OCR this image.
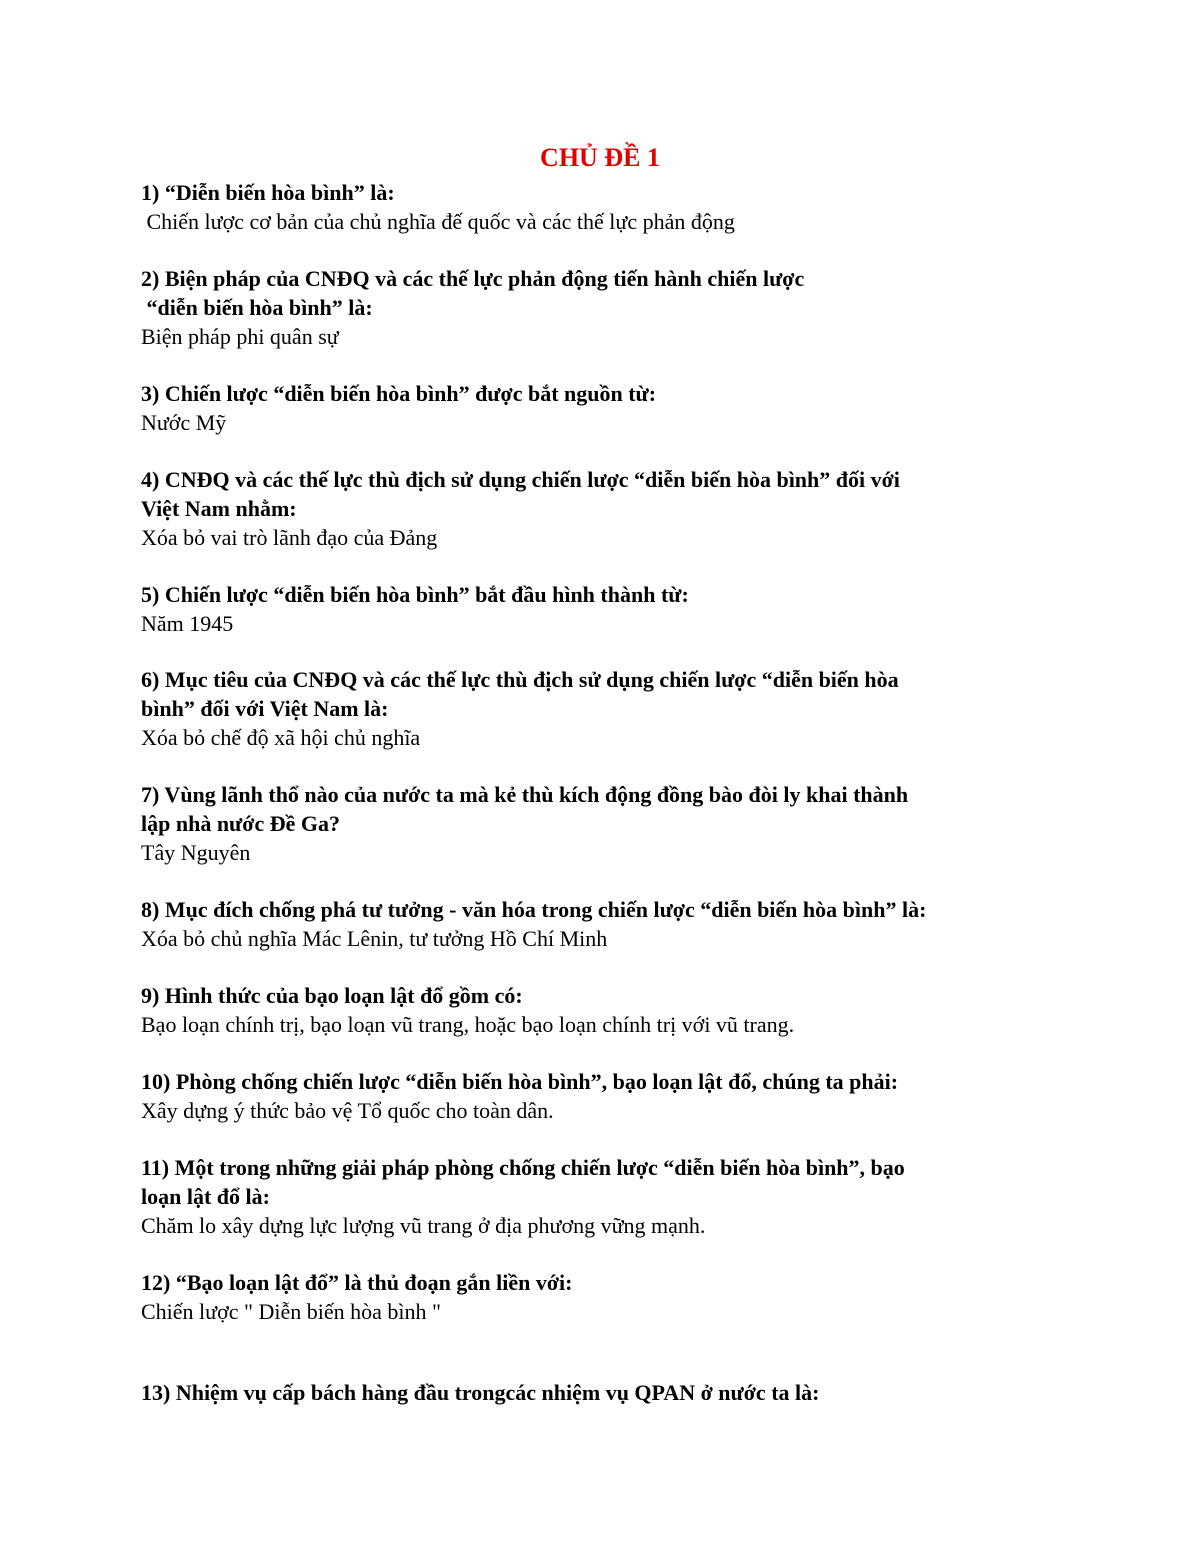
CHỦ ĐỀ 1
1) “Diễn biến hòa bình” là:
Chiến lược cơ bản của chủ nghĩa đế quốc và các thế lực phản động
2) Biện pháp của CNĐQ và các thế lực phản động tiến hành chiến lược
“diễn biến hòa bình” là:
Biện pháp phi quân sự
3) Chiến lược “diễn biến hòa bình” được bắt nguồn từ:
Nước Mỹ
4) CNĐQ và các thế lực thù địch sử dụng chiến lược “diễn biến hòa bình” đối với
Việt Nam nhằm:
Xóa bỏ vai trò lãnh đạo của Đảng
5) Chiến lược “diễn biến hòa bình” bắt đầu hình thành từ:
Năm 1945
6) Mục tiêu của CNĐQ và các thế lực thù địch sử dụng chiến lược “diễn biến hòa
bình” đối với Việt Nam là:
Xóa bỏ chế độ xã hội chủ nghĩa
7) Vùng lãnh thổ nào của nước ta mà kẻ thù kích động đồng bào đòi ly khai thành
lập nhà nước Đề Ga?
Tây Nguyên
8) Mục đích chống phá tư tưởng - văn hóa trong chiến lược “diễn biến hòa bình” là:
Xóa bỏ chủ nghĩa Mác Lênin, tư tưởng Hồ Chí Minh
9) Hình thức của bạo loạn lật đổ gồm có:
Bạo loạn chính trị, bạo loạn vũ trang, hoặc bạo loạn chính trị với vũ trang.
10) Phòng chống chiến lược “diễn biến hòa bình”, bạo loạn lật đổ, chúng ta phải:
Xây dựng ý thức bảo vệ Tổ quốc cho toàn dân.
11) Một trong những giải pháp phòng chống chiến lược “diễn biến hòa bình”, bạo
loạn lật đổ là:
Chăm lo xây dựng lực lượng vũ trang ở địa phương vững mạnh.
12) “Bạo loạn lật đổ” là thủ đoạn gắn liền với:
Chiến lược " Diễn biến hòa bình "
13) Nhiệm vụ cấp bách hàng đầu trongcác nhiệm vụ QPAN ở nước ta là:
